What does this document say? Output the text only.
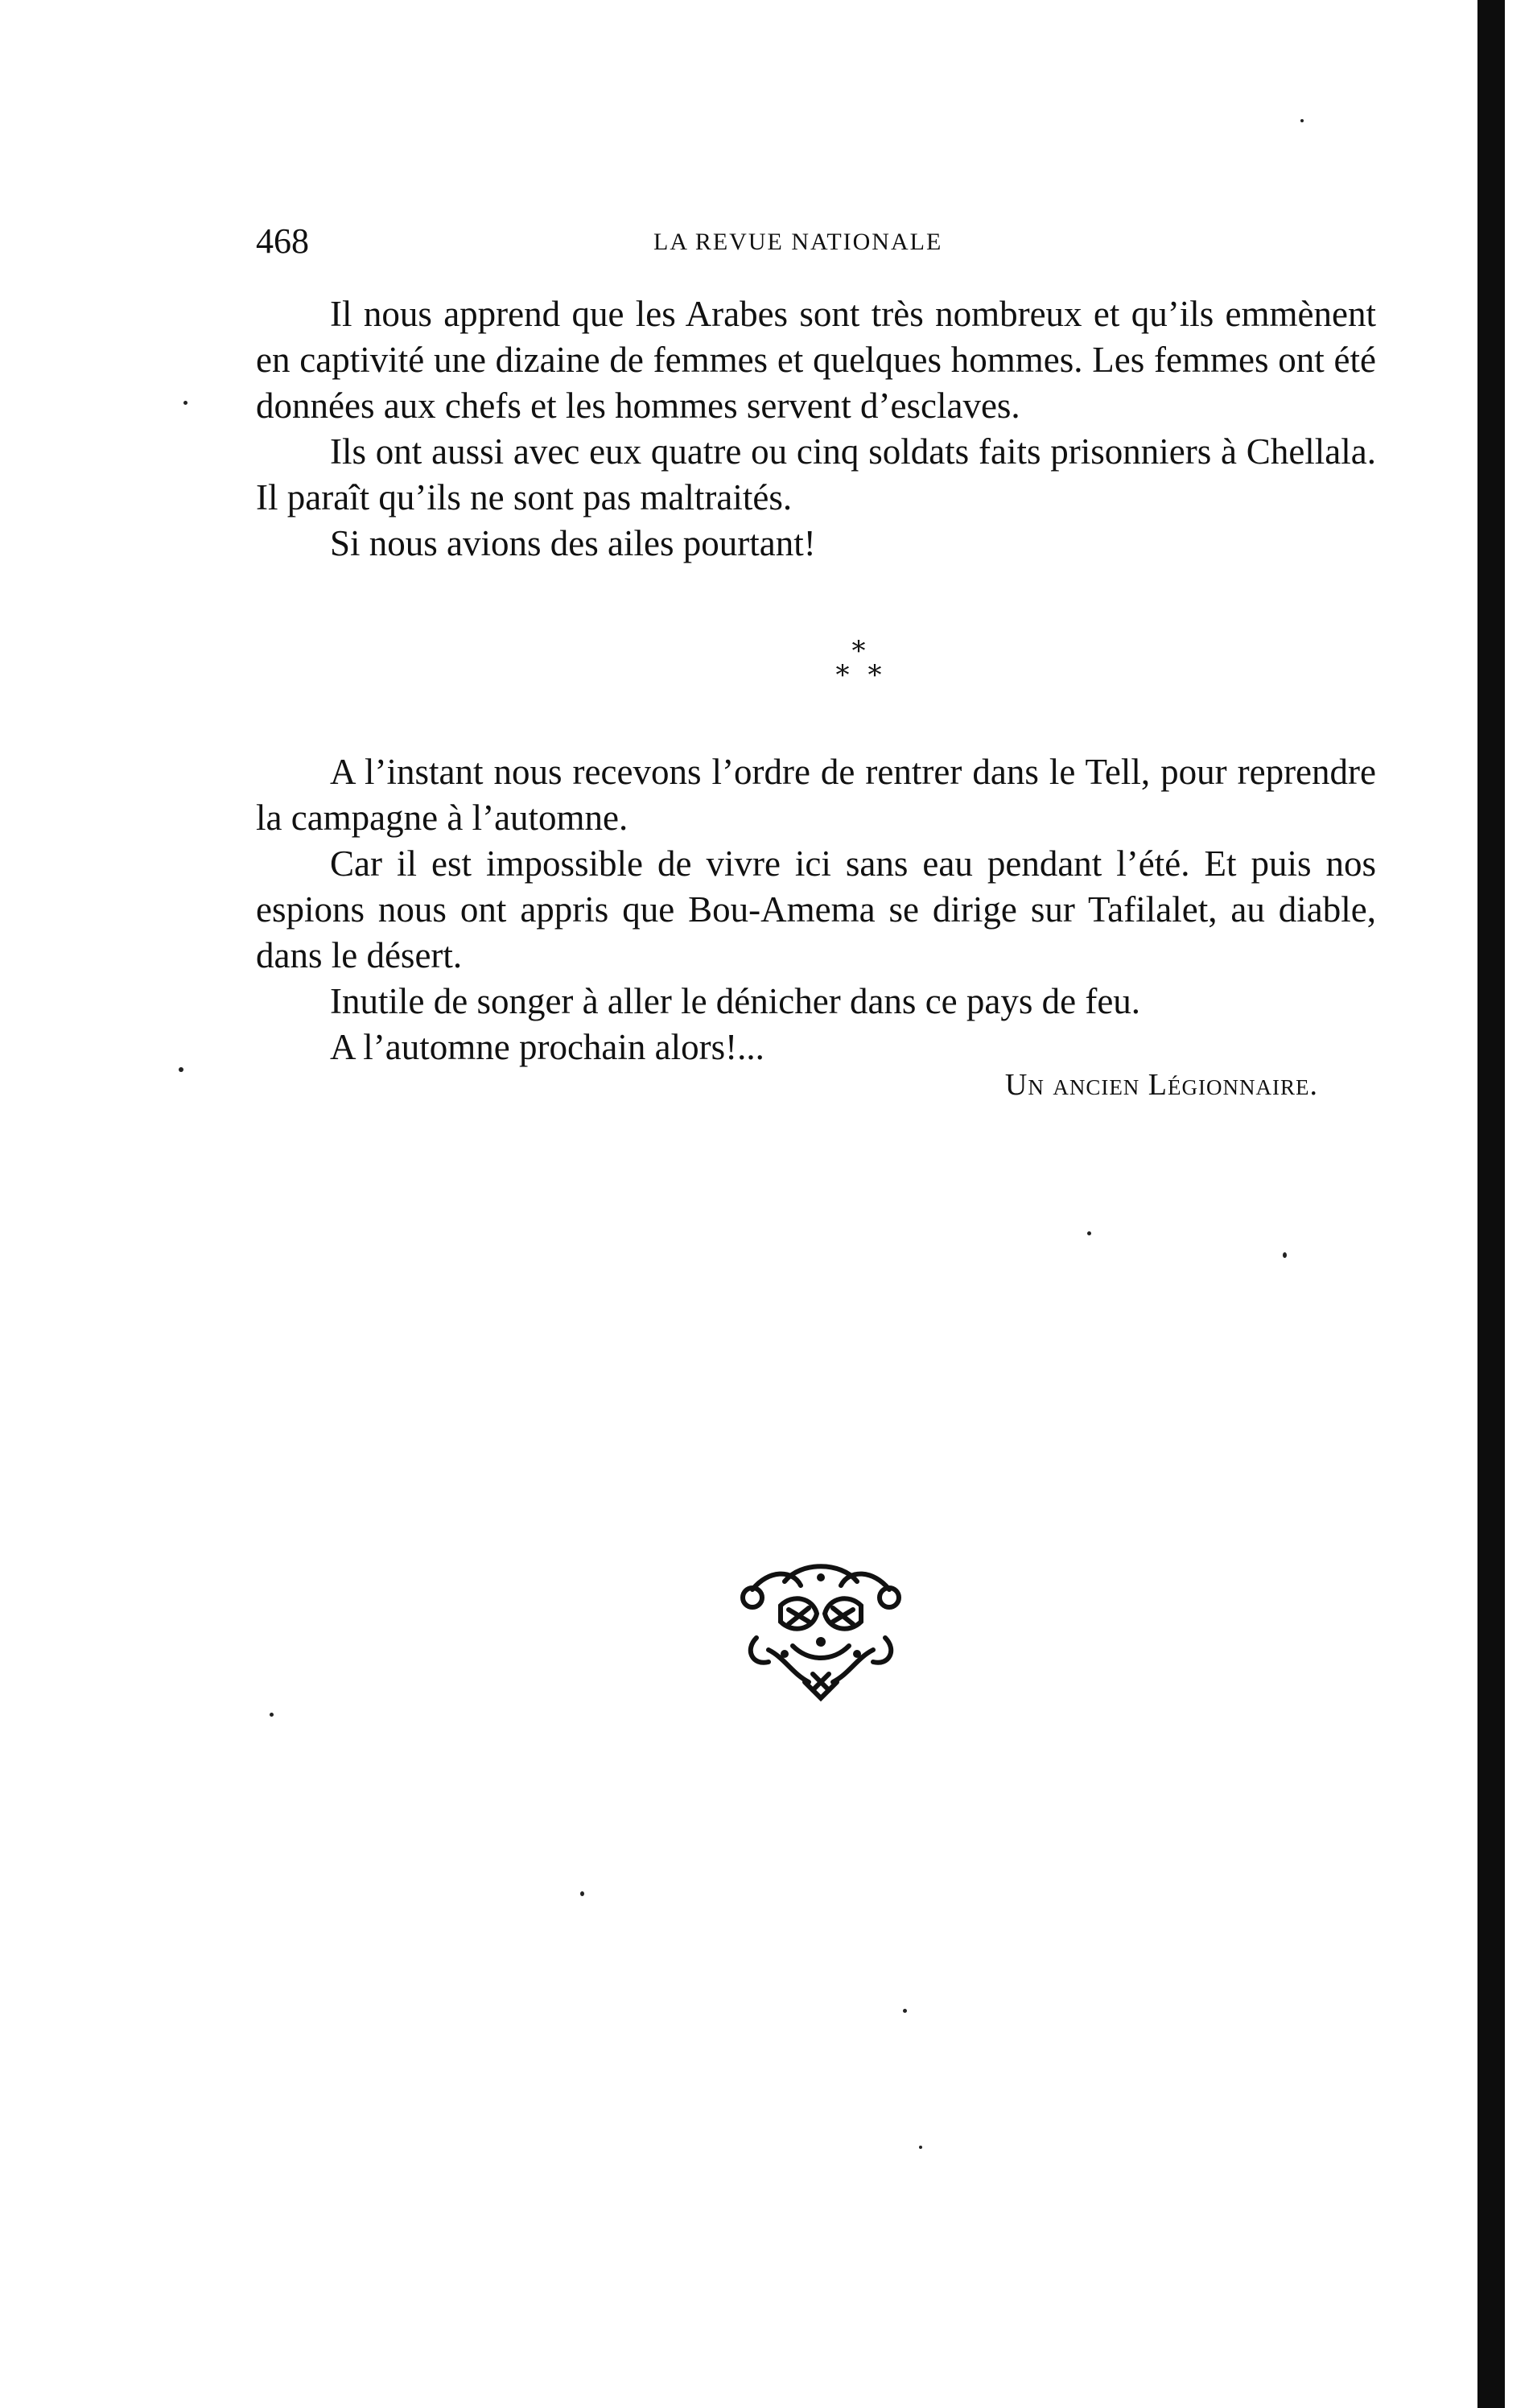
468	LA REVUE NATIONALE

Il nous apprend que les Arabes sont très nombreux et qu’ils emmènent en captivité une dizaine de femmes et quelques hommes. Les femmes ont été données aux chefs et les hommes servent d’esclaves.

Ils ont aussi avec eux quatre ou cinq soldats faits prisonniers à Chellala. Il paraît qu’ils ne sont pas maltraités.

Si nous avions des ailes pourtant!

*
* *

A l’instant nous recevons l’ordre de rentrer dans le Tell, pour reprendre la campagne à l’automne.

Car il est impossible de vivre ici sans eau pendant l’été. Et puis nos espions nous ont appris que Bou-Amema se dirige sur Tafilalet, au diable, dans le désert.

Inutile de songer à aller le dénicher dans ce pays de feu.

A l’automne prochain alors!...

Un ancien Légionnaire.
